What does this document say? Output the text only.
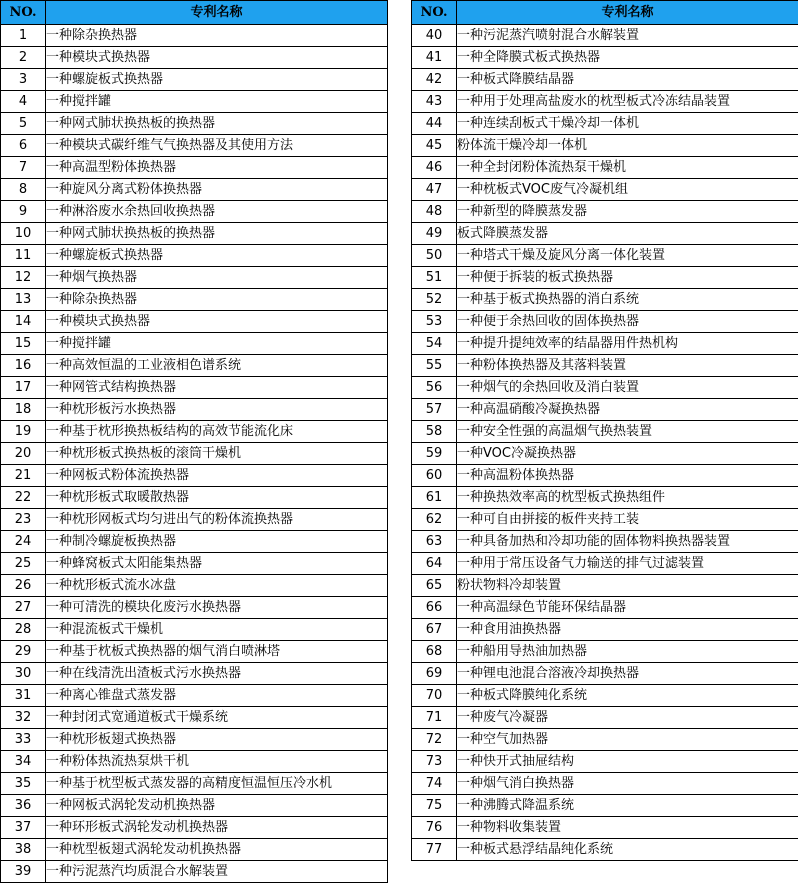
NO.	专利名称
1	一种除杂换热器
2	一种模块式换热器
3	一种螺旋板式换热器
4	一种搅拌罐
5	一种网式肺状换热板的换热器
6	一种模块式碳纤维气气换热器及其使用方法
7	一种高温型粉体换热器
8	一种旋风分离式粉体换热器
9	一种淋浴废水余热回收换热器
10	一种网式肺状换热板的换热器
11	一种螺旋板式换热器
12	一种烟气换热器
13	一种除杂换热器
14	一种模块式换热器
15	一种搅拌罐
16	一种高效恒温的工业液相色谱系统
17	一种网管式结构换热器
18	一种枕形板污水换热器
19	一种基于枕形换热板结构的高效节能流化床
20	一种枕形板式换热板的滚筒干燥机
21	一种网板式粉体流换热器
22	一种枕形板式取暖散热器
23	一种枕形网板式均匀进出气的粉体流换热器
24	一种制冷螺旋板换热器
25	一种蜂窝板式太阳能集热器
26	一种枕形板式流水冰盘
27	一种可清洗的模块化废污水换热器
28	一种混流板式干燥机
29	一种基于枕板式换热器的烟气消白喷淋塔
30	一种在线清洗出渣板式污水换热器
31	一种离心锥盘式蒸发器
32	一种封闭式宽通道板式干燥系统
33	一种枕形板翅式换热器
34	一种粉体热流热泵烘干机
35	一种基于枕型板式蒸发器的高精度恒温恒压冷水机
36	一种网板式涡轮发动机换热器
37	一种环形板式涡轮发动机换热器
38	一种枕型板翅式涡轮发动机换热器
39	一种污泥蒸汽均质混合水解装置
NO.	专利名称
40	一种污泥蒸汽喷射混合水解装置
41	一种全降膜式板式换热器
42	一种板式降膜结晶器
43	一种用于处理高盐废水的枕型板式冷冻结晶装置
44	一种连续刮板式干燥冷却一体机
45	粉体流干燥冷却一体机
46	一种全封闭粉体流热泵干燥机
47	一种枕板式VOC废气冷凝机组
48	一种新型的降膜蒸发器
49	板式降膜蒸发器
50	一种塔式干燥及旋风分离一体化装置
51	一种便于拆装的板式换热器
52	一种基于板式换热器的消白系统
53	一种便于余热回收的固体换热器
54	一种提升提纯效率的结晶器用件热机构
55	一种粉体换热器及其落料装置
56	一种烟气的余热回收及消白装置
57	一种高温硝酸冷凝换热器
58	一种安全性强的高温烟气换热装置
59	一种VOC冷凝换热器
60	一种高温粉体换热器
61	一种换热效率高的枕型板式换热组件
62	一种可自由拼接的板件夹持工装
63	一种具备加热和冷却功能的固体物料换热器装置
64	一种用于常压设备气力输送的排气过滤装置
65	粉状物料冷却装置
66	一种高温绿色节能环保结晶器
67	一种食用油换热器
68	一种船用导热油加热器
69	一种锂电池混合溶液冷却换热器
70	一种板式降膜纯化系统
71	一种废气冷凝器
72	一种空气加热器
73	一种快开式抽屉结构
74	一种烟气消白换热器
75	一种沸腾式降温系统
76	一种物料收集装置
77	一种板式悬浮结晶纯化系统
